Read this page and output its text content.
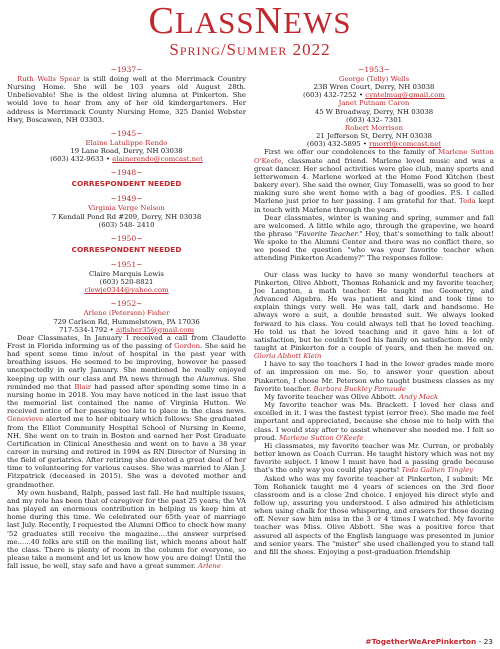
CLASSNEWS
Spring/Summer 2022
~1937~

Ruth Wells Spear is still doing well at the Merrimack Country Nursing Home. She will be 103 years old August 28th. Unbelievable! She is the oldest living alumna at Pinkerton. She would love to hear from any of her old kindergarteners. Her address is Merrimack County Nursing Home, 325 Daniel Webster Hwy, Boscawen, NH 03303.

~1945~
Elaine Latulippe Rendo
19 Lane Road, Derry, NH 03038
(603) 432-9633 • elainerendo@comcast.net
~1948~
CORRESPONDENT NEEDED
~1949~
Virginia Verge Nelson
7 Kendall Pond Rd #209, Derry, NH 03038
(603) 548- 2410
~1950~
CORRESPONDENT NEEDED
~1951~
Claire Marquis Lewis
(603) 520-8821
clewje0344@yahoo.com
~1952~
Arlene (Peterson) Fisher
729 Carlson Rd, Hummelstown, PA 17036
717-534-1792 • ajfisher35@gmail.com

Dear Classmates, In January I received a call from Claudette Frost in Florida informing us of the passing of Gordon. She said he had spent some time in/out of hospital in the past year with breathing issues. He seemed to be improving, however he passed unexpectedly in early January. She mentioned he really enjoyed keeping up with our class and PA news through the Alumnus. She reminded me that Blair had passed after spending some time in a nursing home in 2018. You may have noticed in the last issue that the memorial list contained the name of Virginia Hutton. We received notice of her passing too late to place in the class news. Genevieve alerted me to her obituary which follows: She graduated from the Elliot Community Hospital School of Nursing in Keene, NH. She went on to train in Boston and earned her Post Graduate Certification in Clinical Anesthesia and went on to have a 38 year career in nursing and retired in 1994 as RN Director of Nursing in the field of geriatrics. After retiring she devoted a great deal of her time to volunteering for various causes. She was married to Alan J. Fitzpatrick (deceased in 2015). She was a devoted mother and grandmother.

My own husband, Ralph, passed last fall. He had multiple issues, and my role has been that of caregiver for the past 25 years; the VA has played an enormous contribution in helping us keep him at home during this time. We celebrated our 65th year of marriage last July. Recently, I requested the Alumni Office to check how many '52 graduates still receive the magazine....the answer surprised me......40 folks are still on the mailing list, which means about half the class. There is plenty of room in the column for everyone, so please take a moment and let us know how you are doing! Until the fall issue, be well, stay safe and have a great summer. Arlene

~1953~
George (Telly) Wells
23B Wren Court, Derry, NH 03038
(603) 432-7252 • cyntelmug@gmail.com
Janet Putnam Caron
45 W Broadway, Derry, NH 03038
(603) 432- 7301
Robert Morrison
21 Jefferson St, Derry, NH 03038
(603) 432-5895 • rmorrl@comcast.net

First we offer our condolences to the family of Marlene Sutton O'Keefe, classmate and friend. Marlene loved music and was a great dancer. Her school activities were glee club, many sports and letterwomen 4. Marlene worked at the Home Food Kitchen (best bakery ever). She said the owner, Guy Tomaselli, was so good to her making sure she went home with a bag of goodies. P.S. I called Marlene just prior to her passing. I am grateful for that. Teda kept in touch with Marlene through the years.

Dear classmates, winter is waning and spring, summer and fall are welcomed. A little while ago, through the grapevine, we heard the phrase "Favorite Teacher." Hey, that's something to talk about! We spoke to the Alumni Center and there was no conflict there, so we posed the question "who was your favorite teacher when attending Pinkerton Academy?" The responses follow:

Our class was lucky to have so many wonderful teachers at Pinkerton, Olive Abbott, Thomas Rohanick and my favorite teacher, Joe Langton, a math teacher. He taught me Geometry, and Advanced Algebra. He was patient and kind and took time to explain things very well. He was tall, dark and handsome. He always wore a suit, a double breasted suit. We always looked forward to his class. You could always tell that he loved teaching. He told us that he loved teaching and it gave him a lot of satisfaction, but he couldn't feed his family on satisfaction. He only taught at Pinkerton for a couple of years, and then he moved on. Gloria Abbott Klein

I have to say the teachers I had in the lower grades made more of an impression on me. So, to answer your question about Pinkerton, I chose Mr. Peterson who taught business classes as my favorite teacher. Barbara Buckley Pamaude

My favorite teacher was Olive Abbott. Andy Mack

My favorite teacher was Ms. Brackett. I loved her class and excelled in it. I was the fastest typist (error free). She made me feel important and appreciated, because she chose me to help with the class. I would stay after to assist whenever she needed me. I felt so proud. Marlene Sutton O'Keefe

Hi classmates, my favorite teacher was Mr. Curran, or probably better known as Coach Curran. He taught history which was not my favorite subject. I know I must have had a passing grade because that's the only way you could play sports! Teda Gallien Tingley

Asked who was my favorite teacher at Pinkerton, I submit: Mr. Tom Rohanick taught me 4 years of sciences on the 3rd floor classroom and is a close 2nd choice. I enjoyed his direct style and follow up, assuring you understood. I also admired his athleticism when using chalk for those whispering, and erasers for those dozing off. Never saw him miss in the 3 or 4 times I watched. My favorite teacher was Miss. Olive Abbott. She was a positive force that assured all aspects of the English language was presented in junior and senior years. The "mister" she used challenged you to stand tall and fill the shoes. Enjoying a post-graduation friendship

#TogetherWeArePinkerton - 23
